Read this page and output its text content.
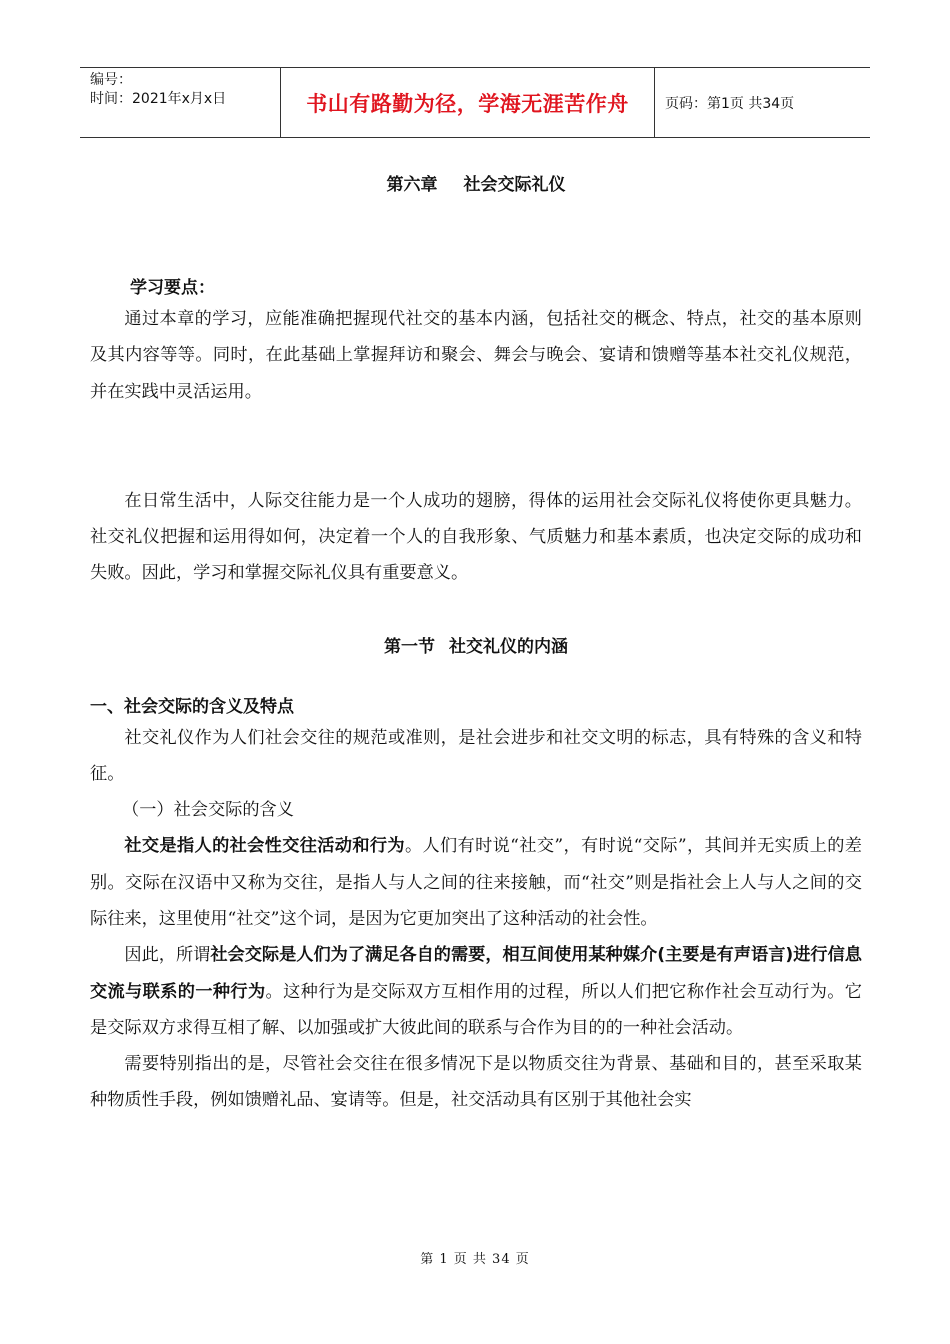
编号：
时间：2021年x月x日	书山有路勤为径，学海无涯苦作舟	页码：第1页 共34页
第六章 社会交际礼仪
学习要点：

通过本章的学习，应能准确把握现代社交的基本内涵，包括社交的概念、特点，社交的基本原则及其内容等等。同时，在此基础上掌握拜访和聚会、舞会与晚会、宴请和馈赠等基本社交礼仪规范，并在实践中灵活运用。

在日常生活中，人际交往能力是一个人成功的翅膀，得体的运用社会交际礼仪将使你更具魅力。社交礼仪把握和运用得如何，决定着一个人的自我形象、气质魅力和基本素质，也决定交际的成功和失败。因此，学习和掌握交际礼仪具有重要意义。

第一节 社交礼仪的内涵
一、社会交际的含义及特点

社交礼仪作为人们社会交往的规范或准则，是社会进步和社交文明的标志，具有特殊的含义和特征。

（一）社会交际的含义

社交是指人的社会性交往活动和行为。人们有时说“社交”，有时说“交际”，其间并无实质上的差别。交际在汉语中又称为交往，是指人与人之间的往来接触，而“社交”则是指社会上人与人之间的交际往来，这里使用“社交”这个词，是因为它更加突出了这种活动的社会性。

因此，所谓社会交际是人们为了满足各自的需要，相互间使用某种媒介(主要是有声语言)进行信息交流与联系的一种行为。这种行为是交际双方互相作用的过程，所以人们把它称作社会互动行为。它是交际双方求得互相了解、以加强或扩大彼此间的联系与合作为目的的一种社会活动。

需要特别指出的是，尽管社会交往在很多情况下是以物质交往为背景、基础和目的，甚至采取某种物质性手段，例如馈赠礼品、宴请等。但是，社交活动具有区别于其他社会实

第 1 页 共 34 页
